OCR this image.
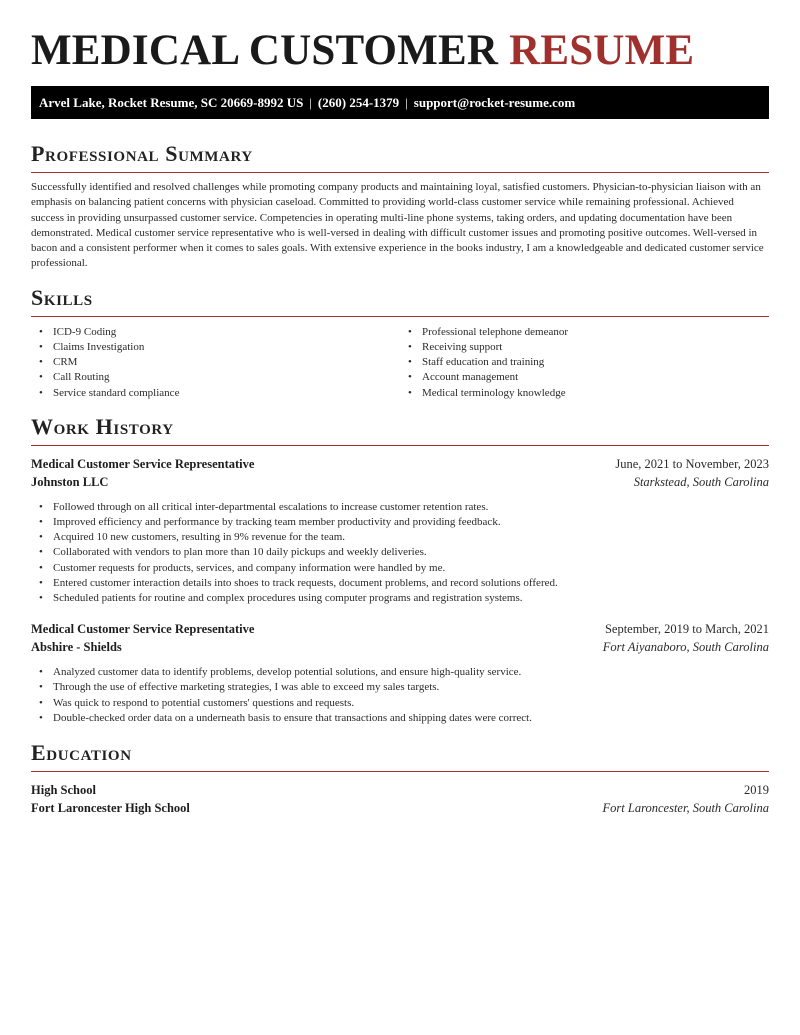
MEDICAL CUSTOMER RESUME
Arvel Lake, Rocket Resume, SC 20669-8992 US | (260) 254-1379 | support@rocket-resume.com
Professional Summary

Successfully identified and resolved challenges while promoting company products and maintaining loyal, satisfied customers. Physician-to-physician liaison with an emphasis on balancing patient concerns with physician caseload. Committed to providing world-class customer service while remaining professional. Achieved success in providing unsurpassed customer service. Competencies in operating multi-line phone systems, taking orders, and updating documentation have been demonstrated. Medical customer service representative who is well-versed in dealing with difficult customer issues and promoting positive outcomes. Well-versed in bacon and a consistent performer when it comes to sales goals. With extensive experience in the books industry, I am a knowledgeable and dedicated customer service professional.

Skills
• ICD-9 Coding
• Claims Investigation
• CRM
• Call Routing
• Service standard compliance
• Professional telephone demeanor
• Receiving support
• Staff education and training
• Account management
• Medical terminology knowledge
Work History
Medical Customer Service Representative	June, 2021 to November, 2023
Johnston LLC	Starkstead, South Carolina
• Followed through on all critical inter-departmental escalations to increase customer retention rates.
• Improved efficiency and performance by tracking team member productivity and providing feedback.
• Acquired 10 new customers, resulting in 9% revenue for the team.
• Collaborated with vendors to plan more than 10 daily pickups and weekly deliveries.
• Customer requests for products, services, and company information were handled by me.
• Entered customer interaction details into shoes to track requests, document problems, and record solutions offered.
• Scheduled patients for routine and complex procedures using computer programs and registration systems.
Medical Customer Service Representative	September, 2019 to March, 2021
Abshire - Shields	Fort Aiyanaboro, South Carolina
• Analyzed customer data to identify problems, develop potential solutions, and ensure high-quality service.
• Through the use of effective marketing strategies, I was able to exceed my sales targets.
• Was quick to respond to potential customers' questions and requests.
• Double-checked order data on a underneath basis to ensure that transactions and shipping dates were correct.
Education
High School	2019
Fort Laroncester High School	Fort Laroncester, South Carolina
